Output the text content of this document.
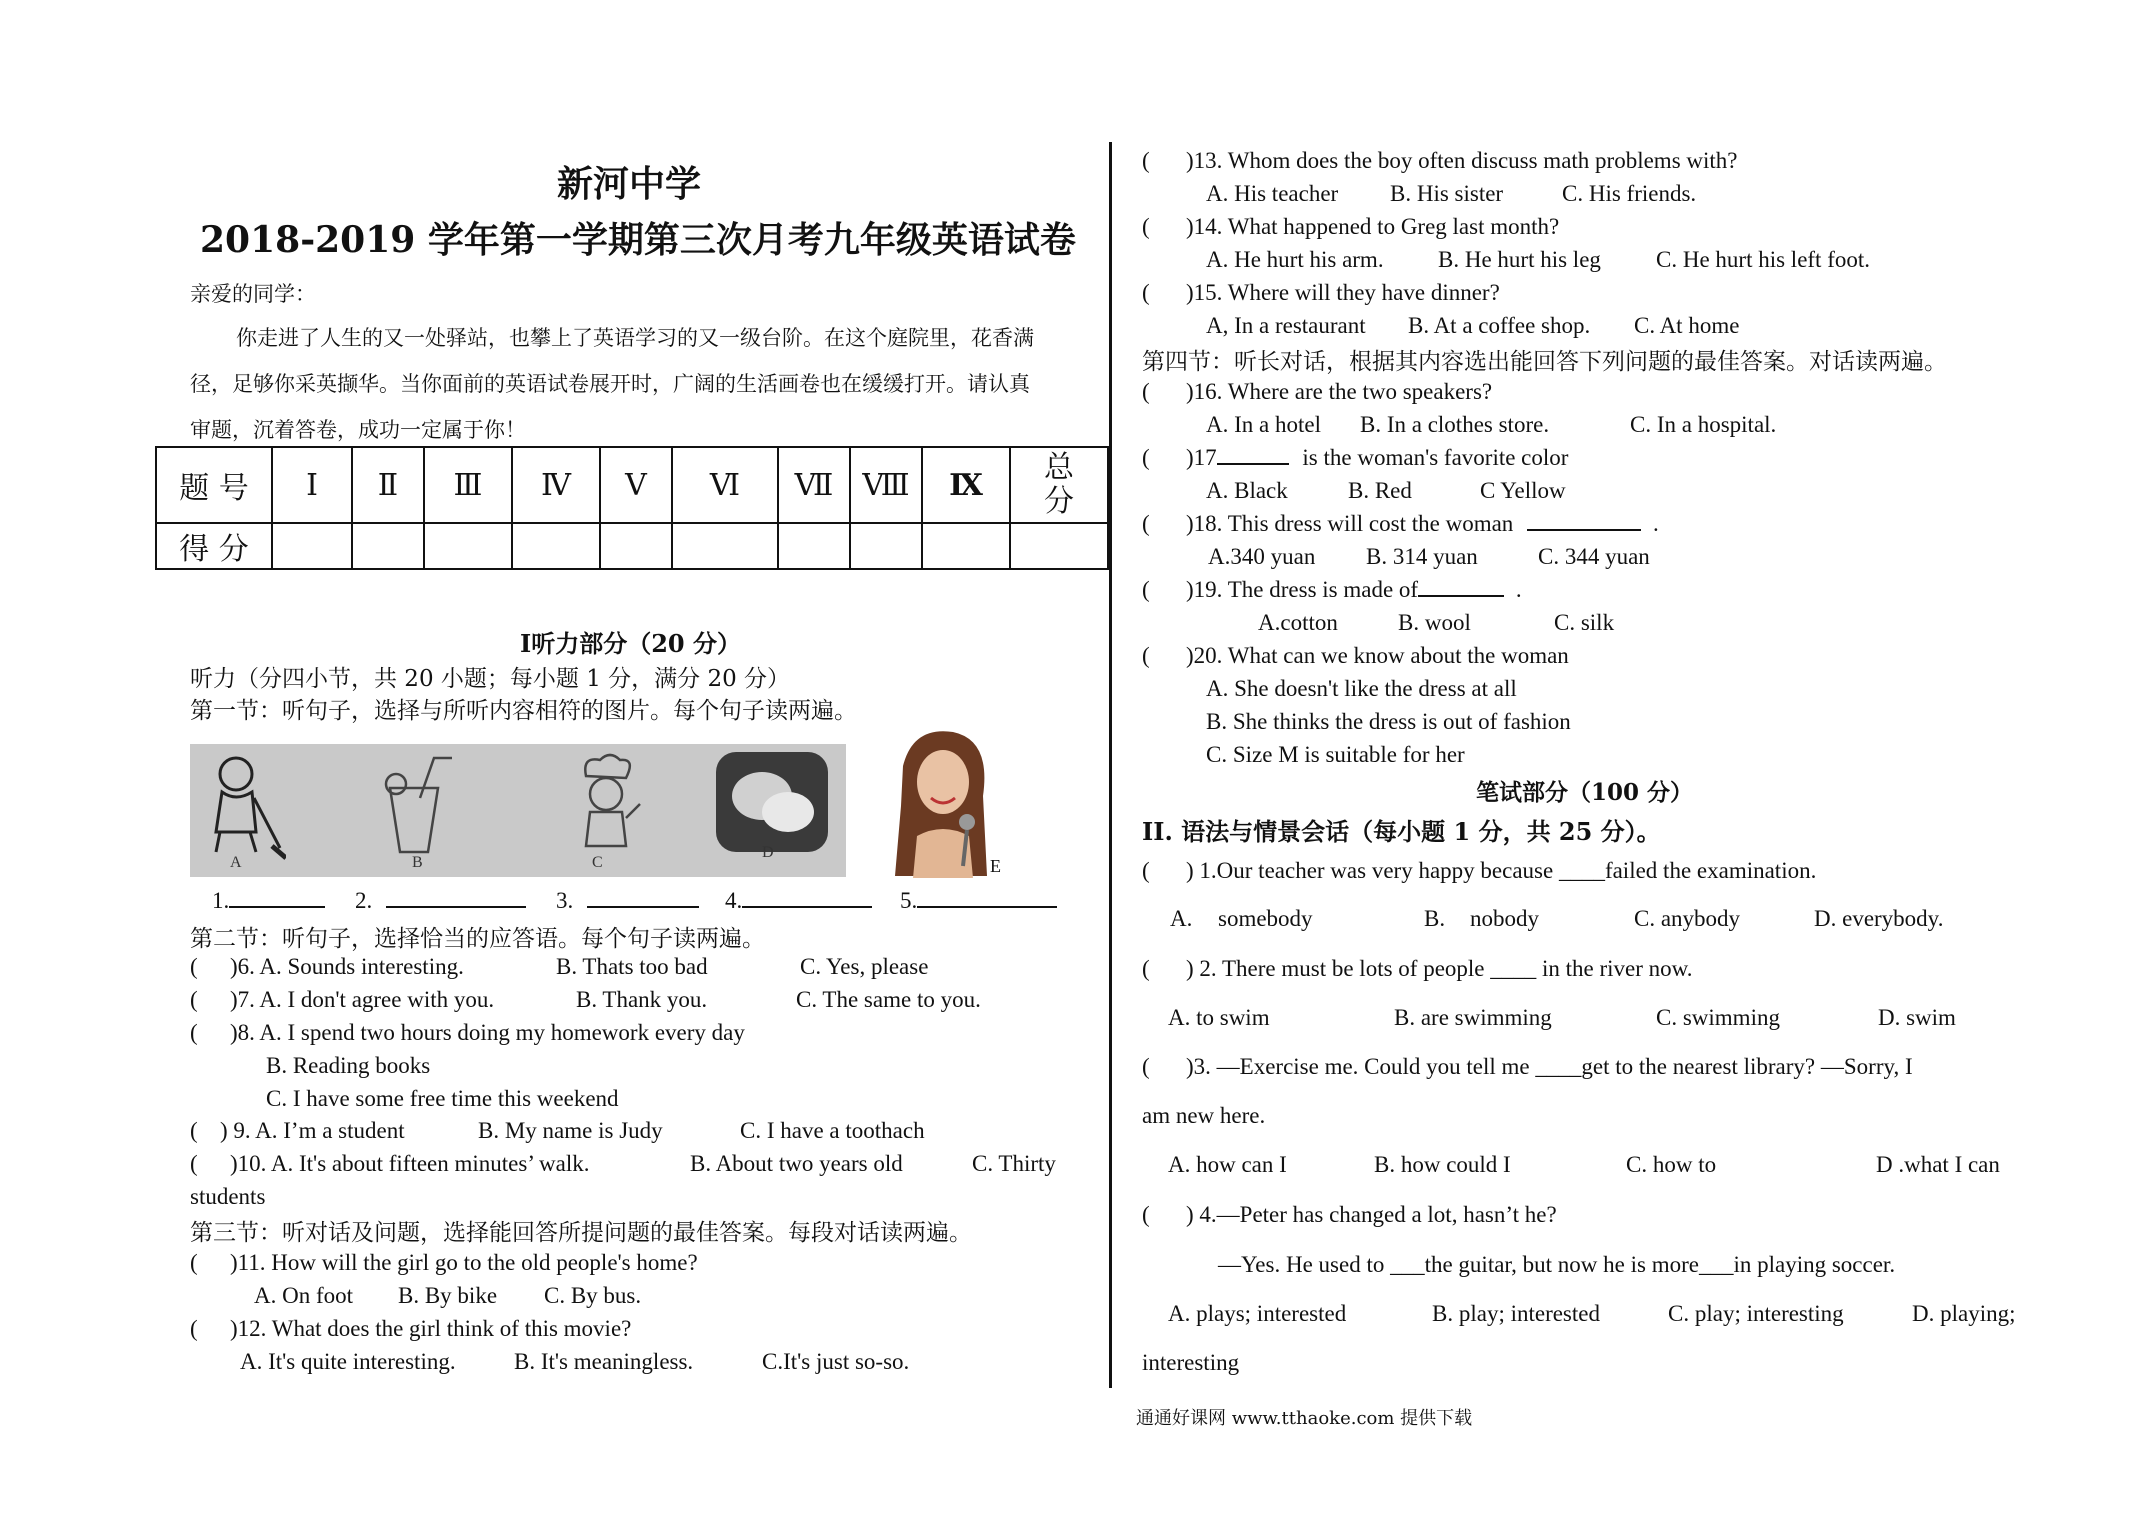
新河中学
2018-2019 学年第一学期第三次月考九年级英语试卷
亲爱的同学：
你走进了人生的又一处驿站，也攀上了英语学习的又一级台阶。在这个庭院里，花香满
径，足够你采英撷华。当你面前的英语试卷展开时，广阔的生活画卷也在缓缓打开。请认真
审题，沉着答卷，成功一定属于你！
题 号	Ⅰ	Ⅱ	Ⅲ	Ⅳ	Ⅴ	Ⅵ	Ⅶ	Ⅷ	Ⅸ	总
分

得 分										
Ⅰ听力部分（20 分）
听力（分四小节，共 20 小题；每小题 1 分，满分 20 分）
第一节：听句子，选择与所听内容相符的图片。每个句子读两遍。
A	B	C
D
E
1.	2.	3.	4.	5.
第二节：听句子，选择恰当的应答语。每个句子读两遍。
( )6. A. Sounds interesting.	B. Thats too bad	C. Yes, please
( )7. A. I don't agree with you.	B. Thank you.	C. The same to you.
( )8. A. I spend two hours doing my homework every day
B. Reading books
C. I have some free time this weekend
( ) 9. A. I’m a student	B. My name is Judy	C. I have a toothach
( )10. A. It's about fifteen minutes’ walk.	B. About two years old	C. Thirty
students
第三节：听对话及问题，选择能回答所提问题的最佳答案。每段对话读两遍。
( )11. How will the girl go to the old people's home?
A. On foot B. By bike C. By bus.
( )12. What does the girl think of this movie?
A. It's quite interesting.	B. It's meaningless.	C.It's just so-so.
( )13. Whom does the boy often discuss math problems with?
A. His teacher B. His sister	C. His friends.
( )14. What happened to Greg last month?
A. He hurt his arm. B. He hurt his leg C. He hurt his left foot.
( )15. Where will they have dinner?
A, In a restaurant B. At a coffee shop. C. At home
第四节：听长对话，根据其内容选出能回答下列问题的最佳答案。对话读两遍。
( )16. Where are the two speakers?
A. In a hotel B. In a clothes store.	C. In a hospital.
( )17	is the woman's favorite color
A. Black	B. Red	C Yellow
( )18. This dress will cost the woman	.
A.340 yuan B. 314 yuan	C. 344 yuan
( )19. The dress is made of	.
A.cotton	B. wool	C. silk
( )20. What can we know about the woman
A. She doesn't like the dress at all
B. She thinks the dress is out of fashion
C. Size M is suitable for her
笔试部分（100 分）
II. 语法与情景会话（每小题 1 分，共 25 分）。
( ) 1.Our teacher was very happy because ____failed the examination.
A. somebody	B. nobody	C. anybody	D. everybody.
( ) 2. There must be lots of people ____ in the river now.
A. to swim	B. are swimming	C. swimming	D. swim
( )3. —Exercise me. Could you tell me ____get to the nearest library? —Sorry, I
am new here.
A. how can I	B. how could I	C. how to	D .what I can
( ) 4.—Peter has changed a lot, hasn’t he?
—Yes. He used to ___the guitar, but now he is more___in playing soccer.
A. plays; interested	B. play; interested	C. play; interesting	D. playing;
interesting
通通好课网 www.tthaoke.com 提供下载
